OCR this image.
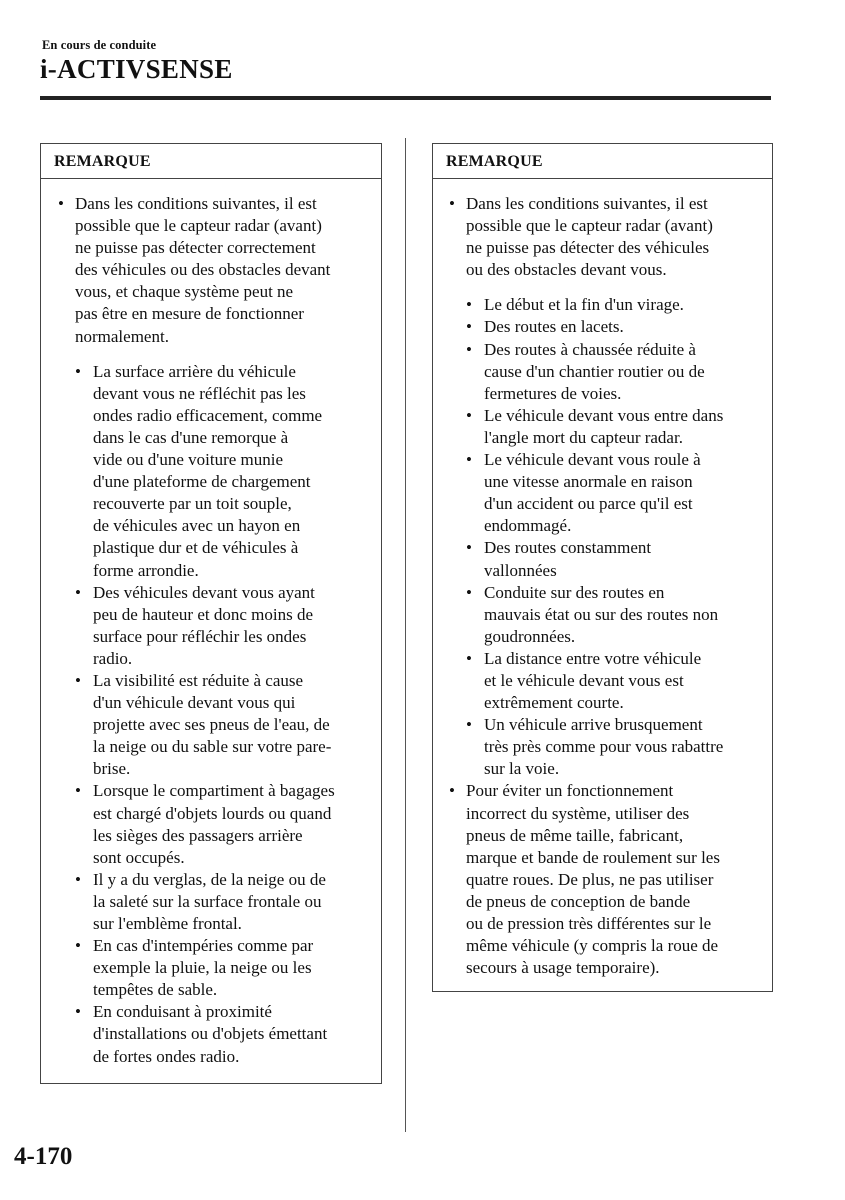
En cours de conduite
i-ACTIVSENSE
REMARQUE
• Dans les conditions suivantes, il est
possible que le capteur radar (avant)
ne puisse pas détecter correctement
des véhicules ou des obstacles devant
vous, et chaque système peut ne
pas être en mesure de fonctionner
normalement.
• La surface arrière du véhicule
devant vous ne réfléchit pas les
ondes radio efficacement, comme
dans le cas d'une remorque à
vide ou d'une voiture munie
d'une plateforme de chargement
recouverte par un toit souple,
de véhicules avec un hayon en
plastique dur et de véhicules à
forme arrondie.
• Des véhicules devant vous ayant
peu de hauteur et donc moins de
surface pour réfléchir les ondes
radio.
• La visibilité est réduite à cause
d'un véhicule devant vous qui
projette avec ses pneus de l'eau, de
la neige ou du sable sur votre pare-
brise.
• Lorsque le compartiment à bagages
est chargé d'objets lourds ou quand
les sièges des passagers arrière
sont occupés.
• Il y a du verglas, de la neige ou de
la saleté sur la surface frontale ou
sur l'emblème frontal.
• En cas d'intempéries comme par
exemple la pluie, la neige ou les
tempêtes de sable.
• En conduisant à proximité
d'installations ou d'objets émettant
de fortes ondes radio.
REMARQUE
• Dans les conditions suivantes, il est
possible que le capteur radar (avant)
ne puisse pas détecter des véhicules
ou des obstacles devant vous.
• Le début et la fin d'un virage.
• Des routes en lacets.
• Des routes à chaussée réduite à
cause d'un chantier routier ou de
fermetures de voies.
• Le véhicule devant vous entre dans
l'angle mort du capteur radar.
• Le véhicule devant vous roule à
une vitesse anormale en raison
d'un accident ou parce qu'il est
endommagé.
• Des routes constamment
vallonnées
• Conduite sur des routes en
mauvais état ou sur des routes non
goudronnées.
• La distance entre votre véhicule
et le véhicule devant vous est
extrêmement courte.
• Un véhicule arrive brusquement
très près comme pour vous rabattre
sur la voie.
• Pour éviter un fonctionnement
incorrect du système, utiliser des
pneus de même taille, fabricant,
marque et bande de roulement sur les
quatre roues. De plus, ne pas utiliser
de pneus de conception de bande
ou de pression très différentes sur le
même véhicule (y compris la roue de
secours à usage temporaire).
4-170
